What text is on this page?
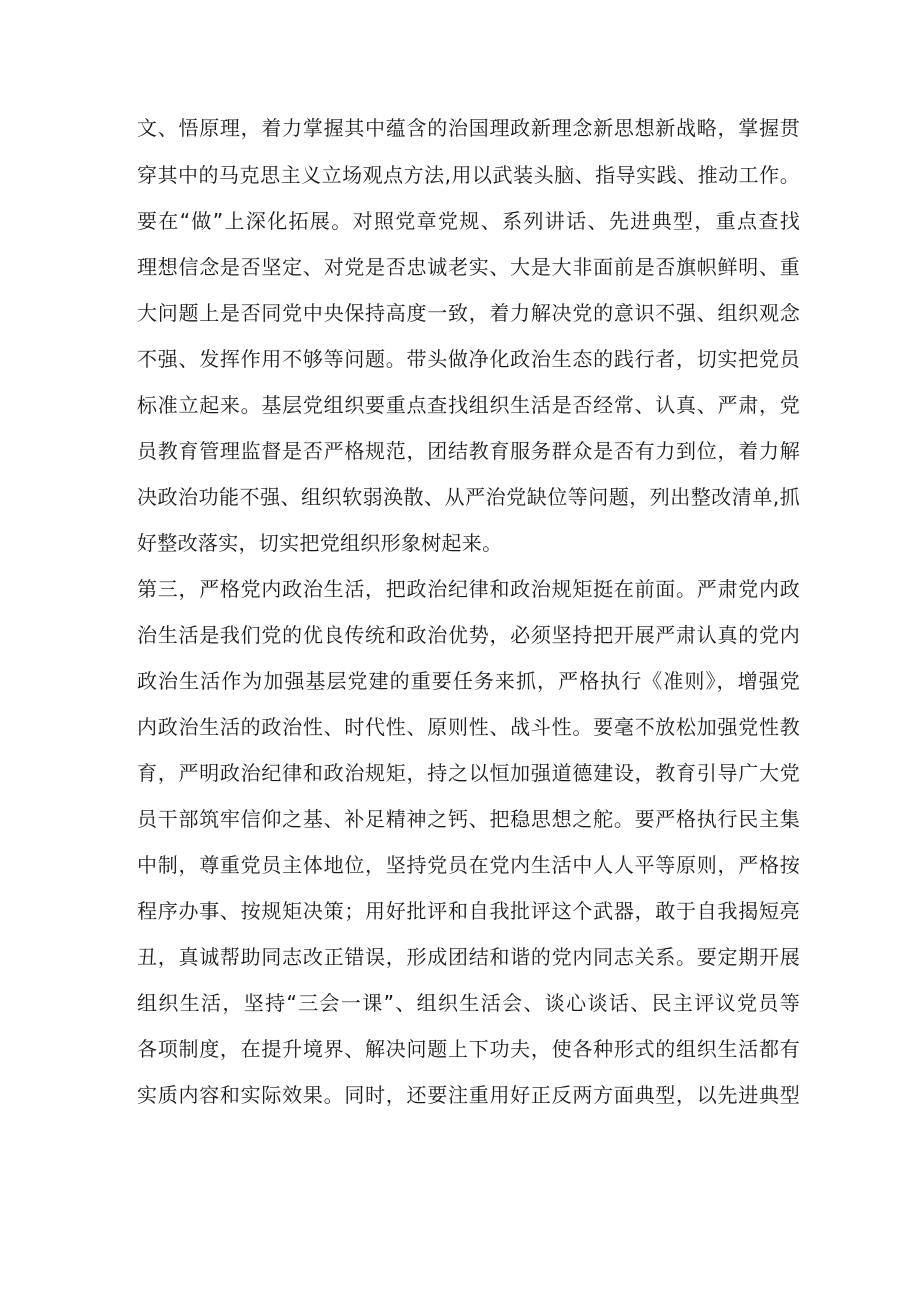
文、悟原理，着力掌握其中蕴含的治国理政新理念新思想新战略，掌握贯
穿其中的马克思主义立场观点方法,用以武装头脑、指导实践、推动工作。
要在“做”上深化拓展。对照党章党规、系列讲话、先进典型，重点查找
理想信念是否坚定、对党是否忠诚老实、大是大非面前是否旗帜鲜明、重
大问题上是否同党中央保持高度一致，着力解决党的意识不强、组织观念
不强、发挥作用不够等问题。带头做净化政治生态的践行者，切实把党员
标准立起来。基层党组织要重点查找组织生活是否经常、认真、严肃，党
员教育管理监督是否严格规范，团结教育服务群众是否有力到位，着力解
决政治功能不强、组织软弱涣散、从严治党缺位等问题，列出整改清单,抓
好整改落实，切实把党组织形象树起来。
第三，严格党内政治生活，把政治纪律和政治规矩挺在前面。严肃党内政
治生活是我们党的优良传统和政治优势，必须坚持把开展严肃认真的党内
政治生活作为加强基层党建的重要任务来抓，严格执行《准则》，增强党
内政治生活的政治性、时代性、原则性、战斗性。要毫不放松加强党性教
育，严明政治纪律和政治规矩，持之以恒加强道德建设，教育引导广大党
员干部筑牢信仰之基、补足精神之钙、把稳思想之舵。要严格执行民主集
中制，尊重党员主体地位，坚持党员在党内生活中人人平等原则，严格按
程序办事、按规矩决策；用好批评和自我批评这个武器，敢于自我揭短亮
丑，真诚帮助同志改正错误，形成团结和谐的党内同志关系。要定期开展
组织生活，坚持“三会一课”、组织生活会、谈心谈话、民主评议党员等
各项制度，在提升境界、解决问题上下功夫，使各种形式的组织生活都有
实质内容和实际效果。同时，还要注重用好正反两方面典型，以先进典型
